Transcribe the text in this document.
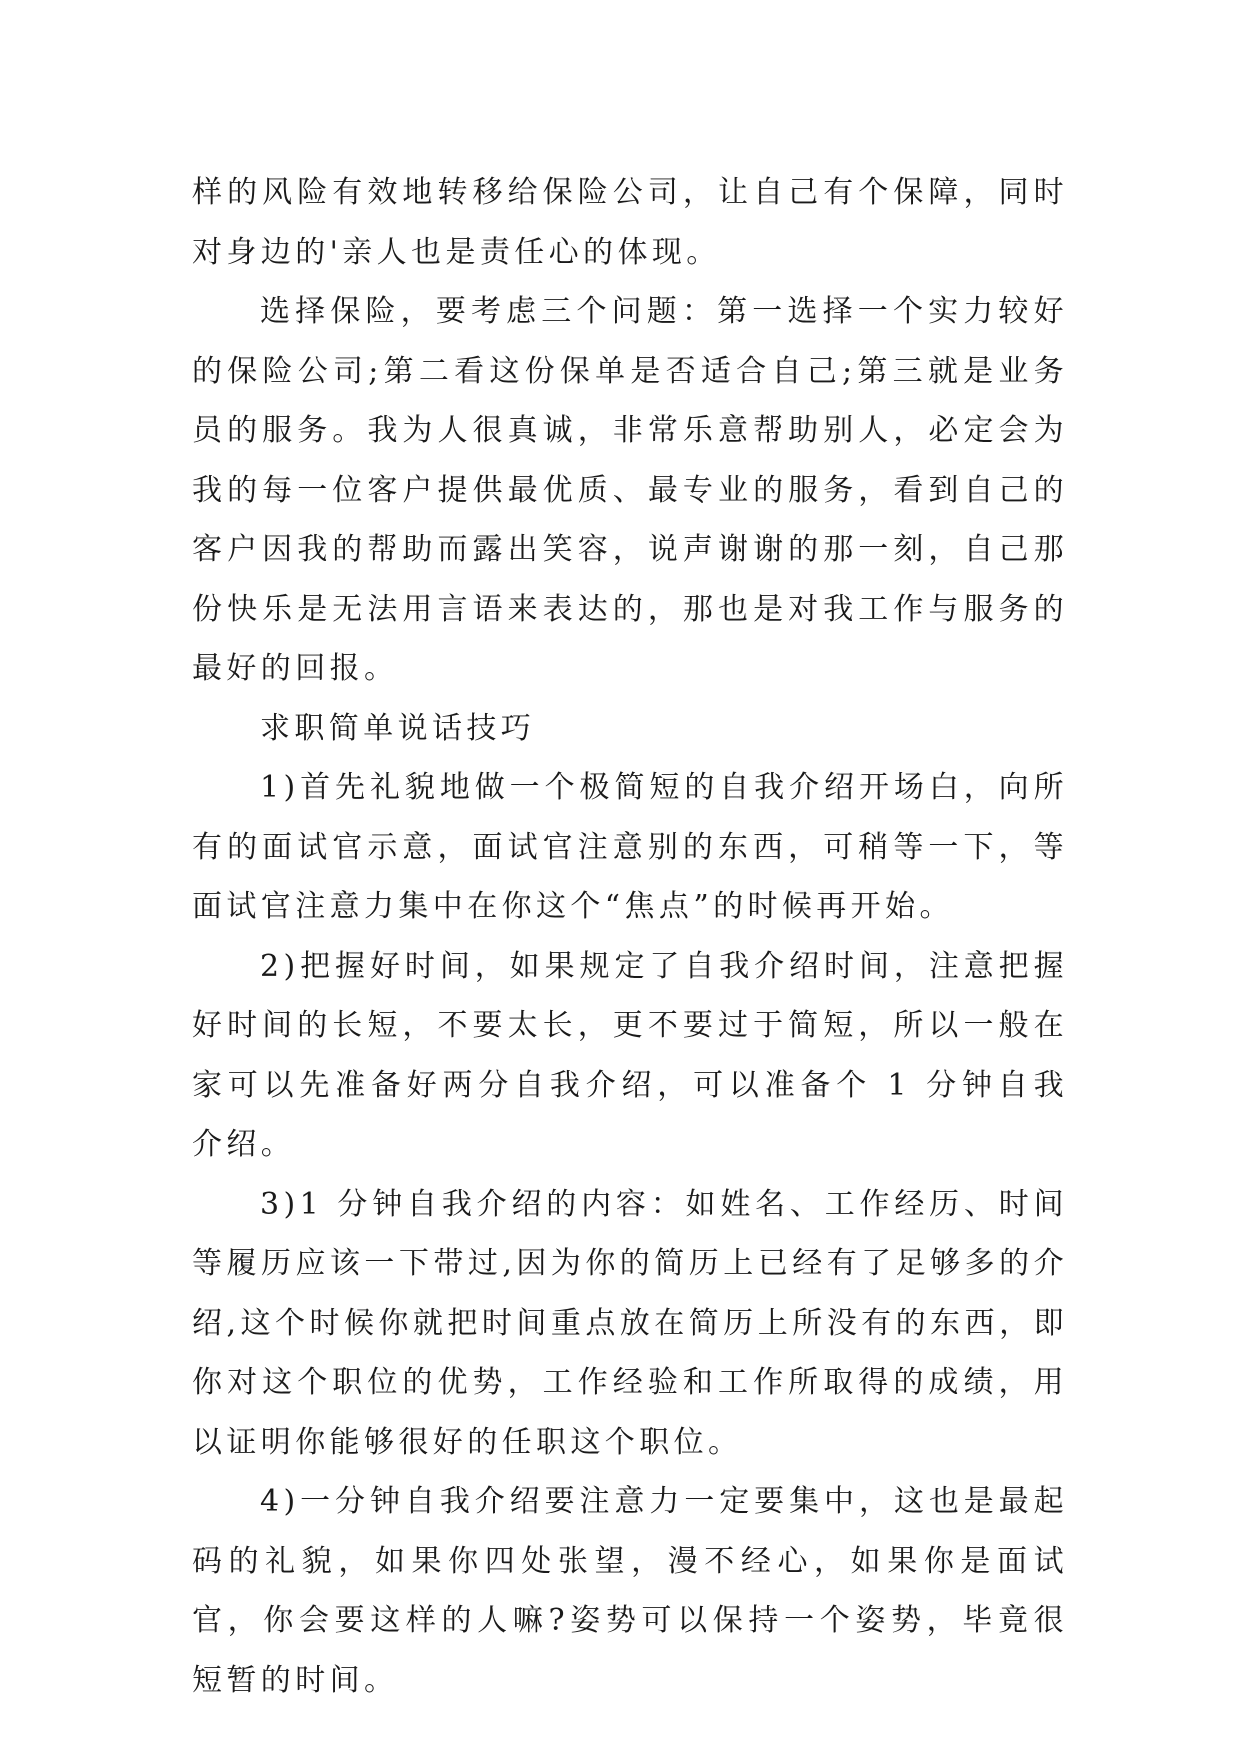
样的风险有效地转移给保险公司，让自己有个保障，同时对身边的'亲人也是责任心的体现。

选择保险，要考虑三个问题：第一选择一个实力较好的保险公司;第二看这份保单是否适合自己;第三就是业务员的服务。我为人很真诚，非常乐意帮助别人，必定会为我的每一位客户提供最优质、最专业的服务，看到自己的客户因我的帮助而露出笑容，说声谢谢的那一刻，自己那份快乐是无法用言语来表达的，那也是对我工作与服务的最好的回报。

求职简单说话技巧

1)首先礼貌地做一个极简短的自我介绍开场白，向所有的面试官示意，面试官注意别的东西，可稍等一下，等面试官注意力集中在你这个“焦点”的时候再开始。

2)把握好时间，如果规定了自我介绍时间，注意把握好时间的长短，不要太长，更不要过于简短，所以一般在家可以先准备好两分自我介绍，可以准备个 1 分钟自我介绍。

3)1 分钟自我介绍的内容：如姓名、工作经历、时间等履历应该一下带过,因为你的简历上已经有了足够多的介绍,这个时候你就把时间重点放在简历上所没有的东西，即你对这个职位的优势，工作经验和工作所取得的成绩，用以证明你能够很好的任职这个职位。

4)一分钟自我介绍要注意力一定要集中，这也是最起码的礼貌，如果你四处张望，漫不经心，如果你是面试官，你会要这样的人嘛?姿势可以保持一个姿势，毕竟很短暂的时间。
